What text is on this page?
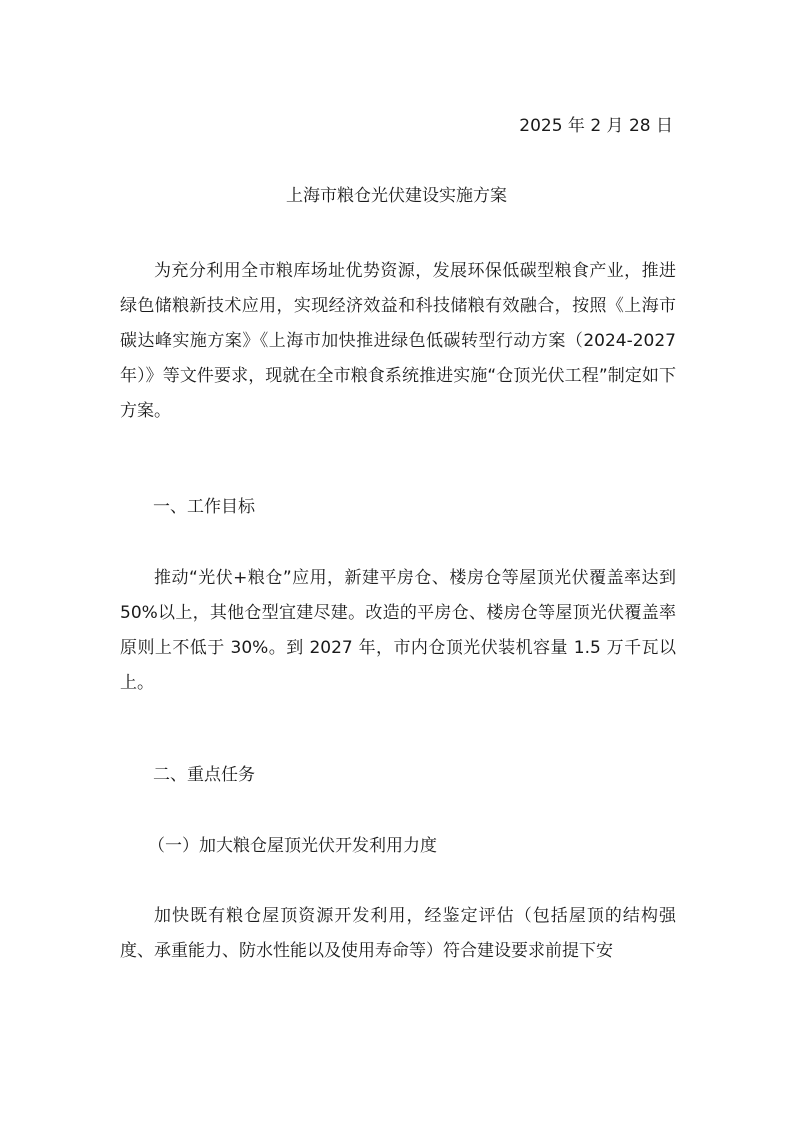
2025 年 2 月 28 日
上海市粮仓光伏建设实施方案

为充分利用全市粮库场址优势资源，发展环保低碳型粮食产业，推进绿色储粮新技术应用，实现经济效益和科技储粮有效融合，按照《上海市碳达峰实施方案》《上海市加快推进绿色低碳转型行动方案（2024-2027 年）》等文件要求，现就在全市粮食系统推进实施“仓顶光伏工程”制定如下方案。

一、工作目标

推动“光伏+粮仓”应用，新建平房仓、楼房仓等屋顶光伏覆盖率达到 50%以上，其他仓型宜建尽建。改造的平房仓、楼房仓等屋顶光伏覆盖率原则上不低于 30%。到 2027 年，市内仓顶光伏装机容量 1.5 万千瓦以上。

二、重点任务
（一）加大粮仓屋顶光伏开发利用力度

加快既有粮仓屋顶资源开发利用，经鉴定评估（包括屋顶的结构强度、承重能力、防水性能以及使用寿命等）符合建设要求前提下安
